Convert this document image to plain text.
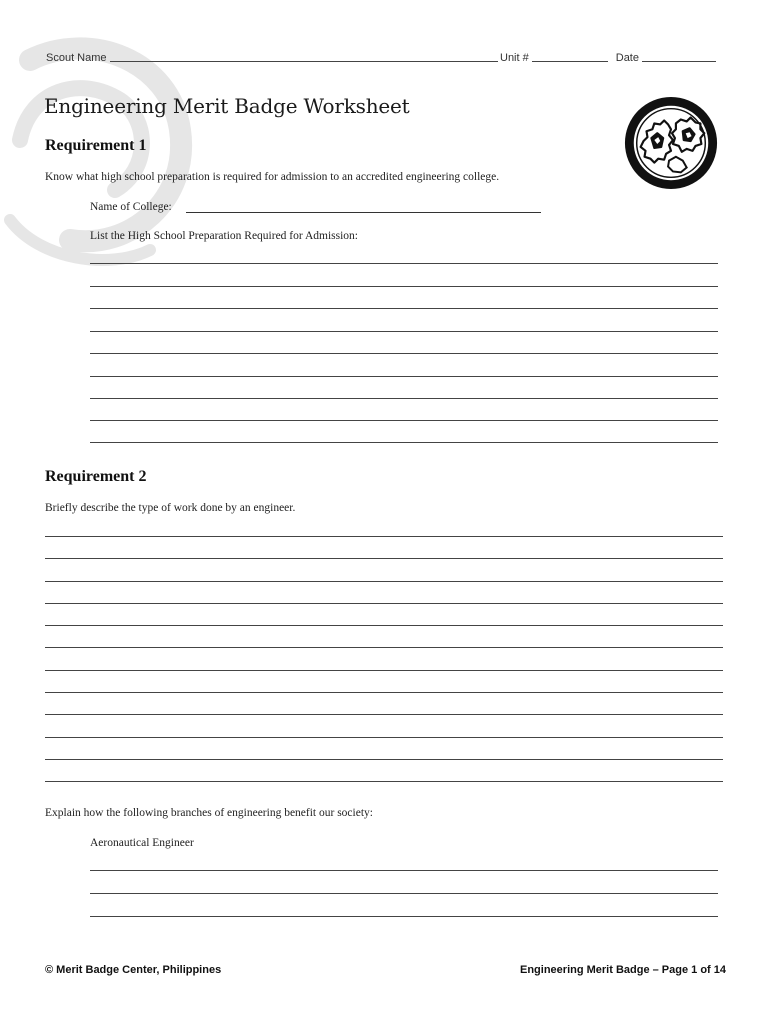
Scout Name	Unit #	Date
Engineering Merit Badge Worksheet
Requirement 1
Know what high school preparation is required for admission to an accredited engineering college.
Name of College:
List the High School Preparation Required for Admission:
Requirement 2
Briefly describe the type of work done by an engineer.
Explain how the following branches of engineering benefit our society:
Aeronautical Engineer
© Merit Badge Center, Philippines	Engineering Merit Badge – Page 1 of 14
